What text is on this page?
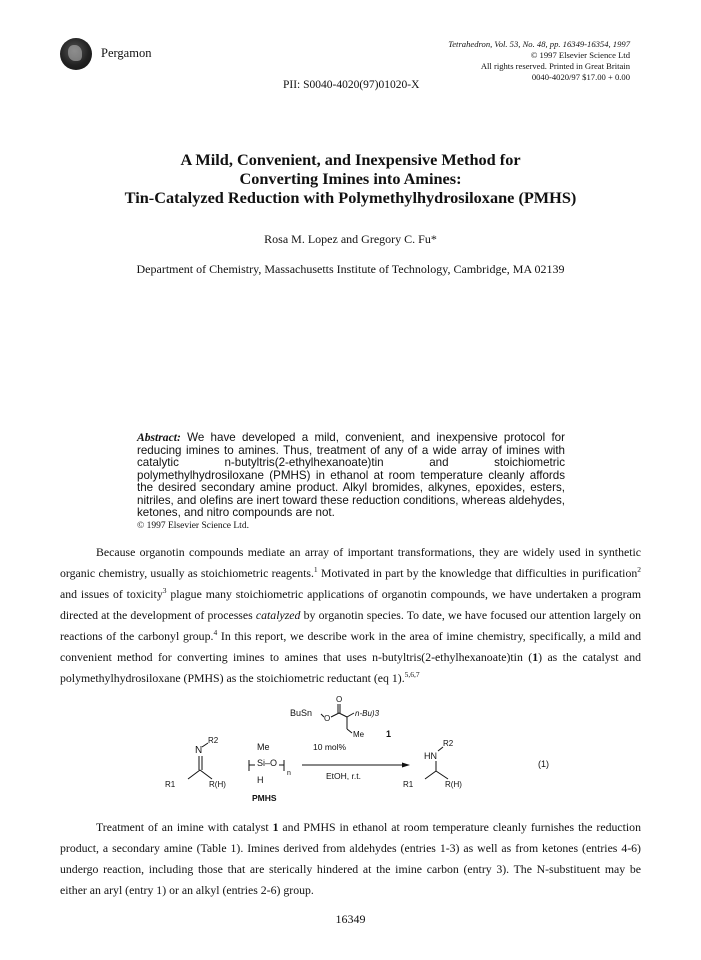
Pergamon
Tetrahedron, Vol. 53, No. 48, pp. 16349-16354, 1997
© 1997 Elsevier Science Ltd
All rights reserved. Printed in Great Britain
0040-4020/97 $17.00 + 0.00
PII: S0040-4020(97)01020-X
A Mild, Convenient, and Inexpensive Method for
Converting Imines into Amines:
Tin-Catalyzed Reduction with Polymethylhydrosiloxane (PMHS)
Rosa M. Lopez and Gregory C. Fu*
Department of Chemistry, Massachusetts Institute of Technology, Cambridge, MA 02139
Abstract: We have developed a mild, convenient, and inexpensive protocol for reducing imines to amines. Thus, treatment of any of a wide array of imines with catalytic n-butyltris(2-ethylhexanoate)tin and stoichiometric polymethylhydrosiloxane (PMHS) in ethanol at room temperature cleanly affords the desired secondary amine product. Alkyl bromides, alkynes, epoxides, esters, nitriles, and olefins are inert toward these reduction conditions, whereas aldehydes, ketones, and nitro compounds are not.
© 1997 Elsevier Science Ltd.

Because organotin compounds mediate an array of important transformations, they are widely used in synthetic organic chemistry, usually as stoichiometric reagents.$^1$ Motivated in part by the knowledge that difficulties in purification$^2$ and issues of toxicity$^3$ plague many stoichiometric applications of organotin compounds, we have undertaken a program directed at the development of processes catalyzed by organotin species. To date, we have focused our attention largely on reactions of the carbonyl group.$^4$ In this report, we describe work in the area of imine chemistry, specifically, a mild and convenient method for converting imines to amines that uses n-butyltris(2-ethylhexanoate)tin (1) as the catalyst and polymethylhydrosiloxane (PMHS) as the stoichiometric reductant (eq 1).$^{5,6,7}$

N
R2
R1	R(H)
Me
Si–O
n
H
PMHS
O
BuSn
O
n-Bu)3
Me 1
10 mol%
EtOH, r.t.
HN
R2
R1	R(H)
(1)

Treatment of an imine with catalyst 1 and PMHS in ethanol at room temperature cleanly furnishes the reduction product, a secondary amine (Table 1). Imines derived from aldehydes (entries 1-3) as well as from ketones (entries 4-6) undergo reaction, including those that are sterically hindered at the imine carbon (entry 3). The N-substituent may be either an aryl (entry 1) or an alkyl (entries 2-6) group.

16349
